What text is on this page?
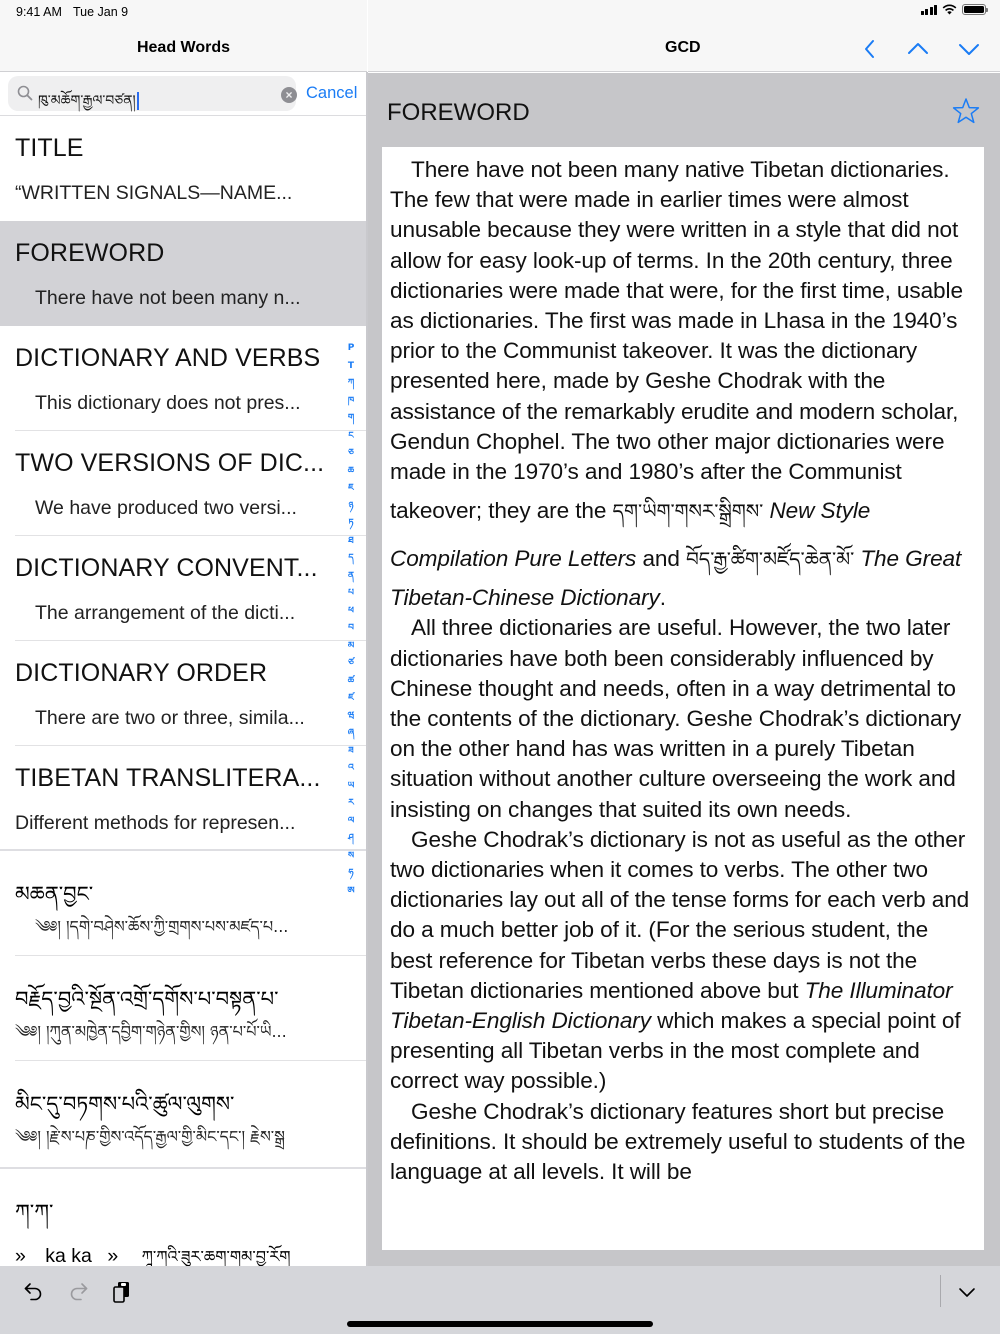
9:41 AM Tue Jan 9
Head Words
ཁུ་མཆོག་རྒྱལ་བཙན།	× Cancel
TITLE
“WRITTEN SIGNALS—NAME...
FOREWORD
There have not been many n...
DICTIONARY AND VERBS
This dictionary does not pres...
TWO VERSIONS OF DIC...
We have produced two versi...
DICTIONARY CONVENT...
The arrangement of the dicti...
DICTIONARY ORDER
There are two or three, simila...
TIBETAN TRANSLITERA...
Different methods for represen...
མཆན་བྱང་
༄༅། །དགེ་བཤེས་ཆོས་ཀྱི་གྲགས་པས་མཛད་པ...
བརྗོད་བྱའི་སྔོན་འགྲོ་དགོས་པ་བསྟན་པ་
༄༅། །ཀུན་མཁྱེན་དབྱིག་གཉེན་གྱིས། ཉན་པ་པོ་ཡི...
མིང་དུ་བཏགས་པའི་ཚུལ་ལུགས་
༄༅། །རྗེ་ས་པཎ་གྱིས་འདོད་རྒྱལ་གྱི་མིང་དང་། རྗེས་སྒྲ
ཀ་ཀ་
» ka ka » ཀཱ་ཀའི་ཟུར་ཆག་གམ་བྱ་རོག
P
T
ཀ
ཁ
ག
ང
ཅ
ཆ
ཇ
ཉ
ཏ
ཐ
ད
ན
པ
ཕ
བ
མ
ཙ
ཚ
ཛ
ཝ
ཞ
ཟ
འ
ཡ
ར
ལ
ཤ
ས
ཧ
ཨ
GCD
FOREWORD

There have not been many native Tibetan dictionaries. The few that were made in earlier times were almost unusable because they were written in a style that did not allow for easy look-up of terms. In the 20th century, three dictionaries were made that were, for the first time, usable as dictionaries. The first was made in Lhasa in the 1940’s prior to the Communist takeover. It was the dictionary presented here, made by Geshe Chodrak with the assistance of the remarkably erudite and modern scholar, Gendun Chophel. The two other major dictionaries were made in the 1970’s and 1980’s after the Communist takeover; they are the དག་ཡིག་གསར་སྒྲིགས་ New Style Compilation Pure Letters and བོད་རྒྱ་ཚིག་མཛོད་ཆེན་མོ་ The Great Tibetan-Chinese Dictionary.

All three dictionaries are useful. However, the two later dictionaries have both been considerably influenced by Chinese thought and needs, often in a way detrimental to the contents of the dictionary. Geshe Chodrak’s dictionary on the other hand has was written in a purely Tibetan situation without another culture overseeing the work and insisting on changes that suited its own needs.

Geshe Chodrak’s dictionary is not as useful as the other two dictionaries when it comes to verbs. The other two dictionaries lay out all of the tense forms for each verb and do a much better job of it. (For the serious student, the best reference for Tibetan verbs these days is not the Tibetan dictionaries mentioned above but The Illuminator Tibetan-English Dictionary which makes a special point of presenting all Tibetan verbs in the most complete and correct way possible.)

Geshe Chodrak’s dictionary features short but precise definitions. It should be extremely useful to students of the language at all levels. It will be
